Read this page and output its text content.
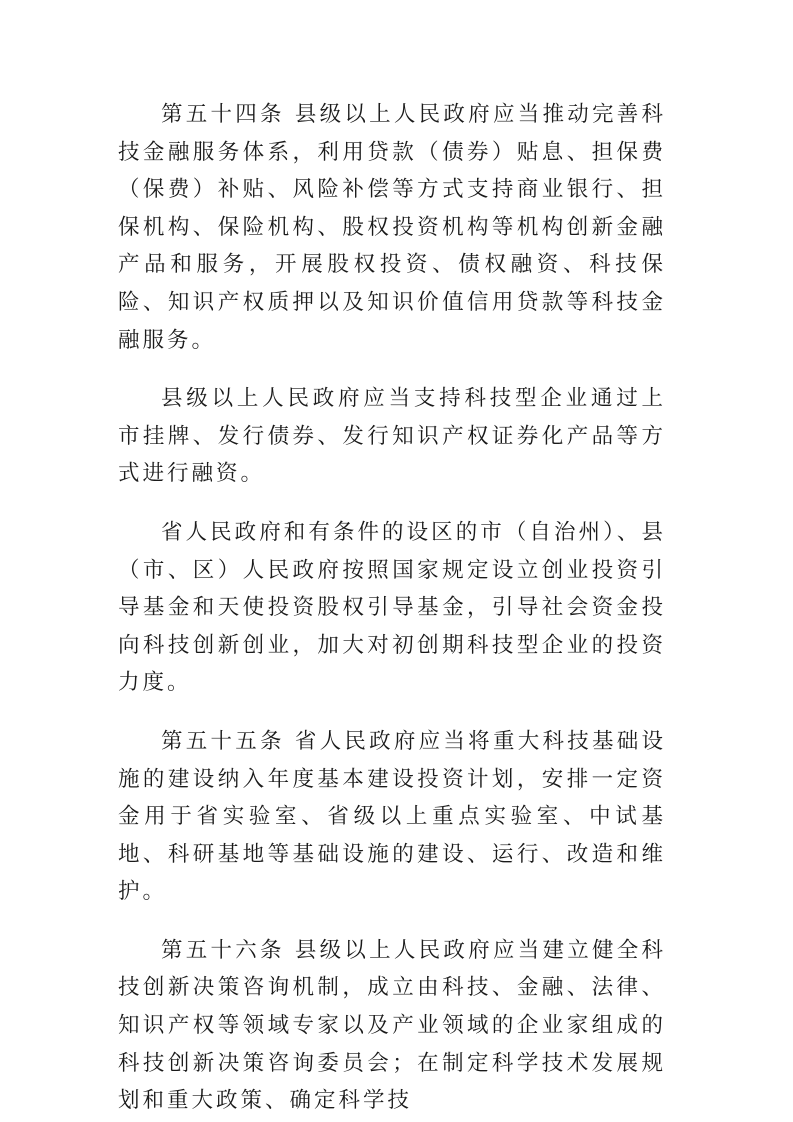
第五十四条 县级以上人民政府应当推动完善科技金融服务体系，利用贷款（债券）贴息、担保费（保费）补贴、风险补偿等方式支持商业银行、担保机构、保险机构、股权投资机构等机构创新金融产品和服务，开展股权投资、债权融资、科技保险、知识产权质押以及知识价值信用贷款等科技金融服务。

县级以上人民政府应当支持科技型企业通过上市挂牌、发行债券、发行知识产权证券化产品等方式进行融资。

省人民政府和有条件的设区的市（自治州）、县（市、区）人民政府按照国家规定设立创业投资引导基金和天使投资股权引导基金，引导社会资金投向科技创新创业，加大对初创期科技型企业的投资力度。

第五十五条 省人民政府应当将重大科技基础设施的建设纳入年度基本建设投资计划，安排一定资金用于省实验室、省级以上重点实验室、中试基地、科研基地等基础设施的建设、运行、改造和维护。

第五十六条 县级以上人民政府应当建立健全科技创新决策咨询机制，成立由科技、金融、法律、知识产权等领域专家以及产业领域的企业家组成的科技创新决策咨询委员会；在制定科学技术发展规划和重大政策、确定科学技
